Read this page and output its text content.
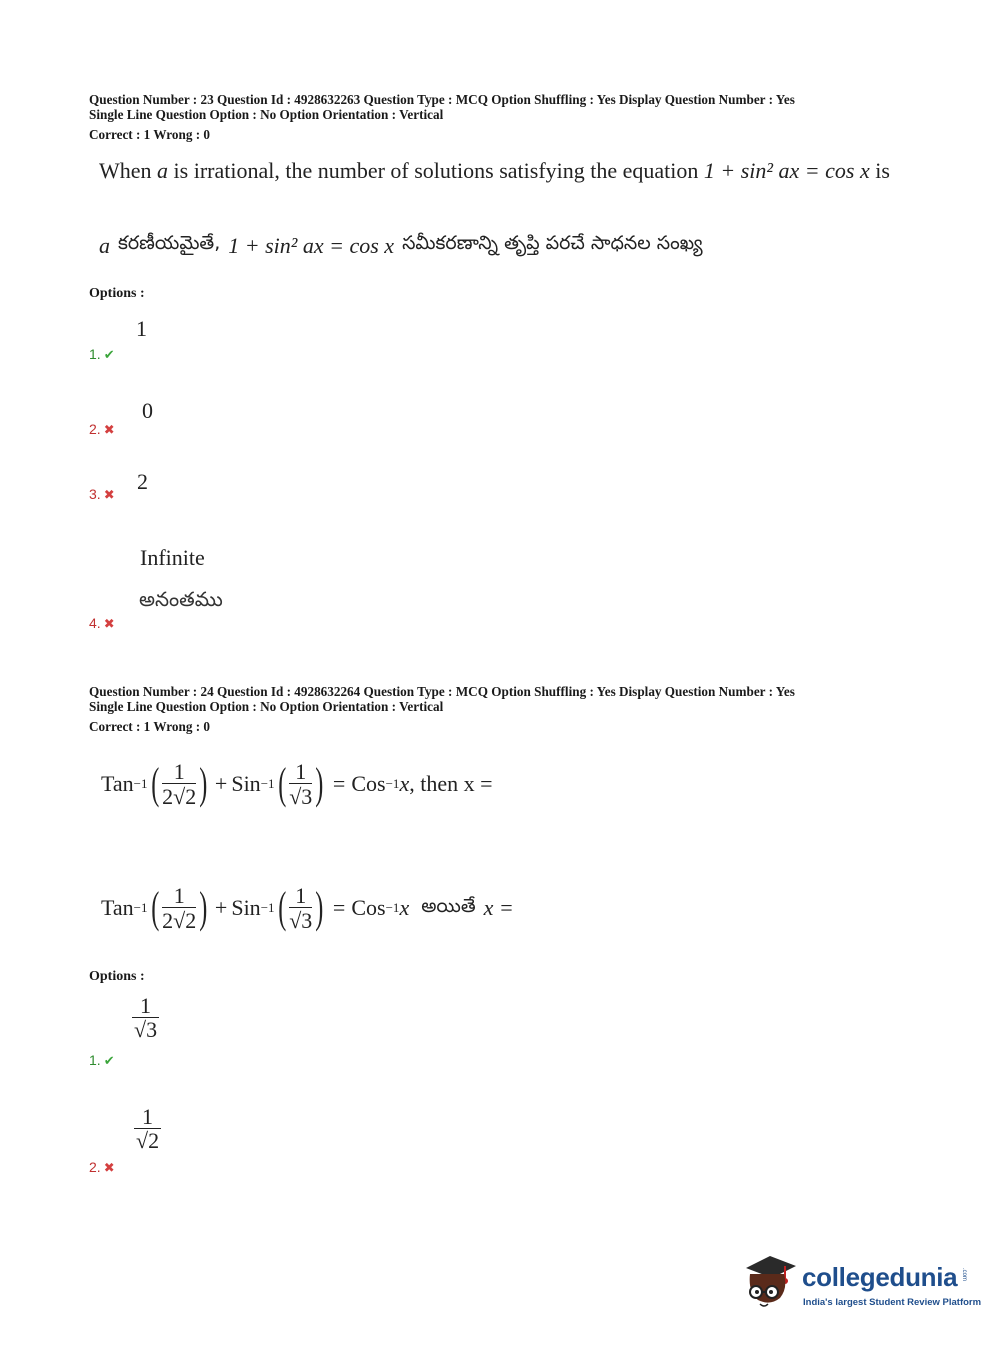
Question Number : 23 Question Id : 4928632263 Question Type : MCQ Option Shuffling : Yes Display Question Number : Yes
Single Line Question Option : No Option Orientation : Vertical
Correct : 1 Wrong : 0
When a is irrational, the number of solutions satisfying the equation 1 + sin² ax = cos x is
a కరణీయమైతే, 1 + sin² ax = cos x సమీకరణాన్ని తృప్తి పరచే సాధనల సంఖ్య
Options :
1
1. ✔
0
2. ✖
2
3. ✖
Infinite
అనంతము
4. ✖
Question Number : 24 Question Id : 4928632264 Question Type : MCQ Option Shuffling : Yes Display Question Number : Yes
Single Line Question Option : No Option Orientation : Vertical
Correct : 1 Wrong : 0
Tan −1 ( $\frac{1}{2√2}$ ) + Sin −1 ( $\frac{1}{√3}$ ) = Cos −1 x , then x =
Tan −1 ( $\frac{1}{2√2}$ ) + Sin −1 ( $\frac{1}{√3}$ ) = Cos −1 x అయితే x =
Options :
$\frac{1}{√3}$
1. ✔
$\frac{1}{√2}$
2. ✖
collegedunia .com
India's largest Student Review Platform
